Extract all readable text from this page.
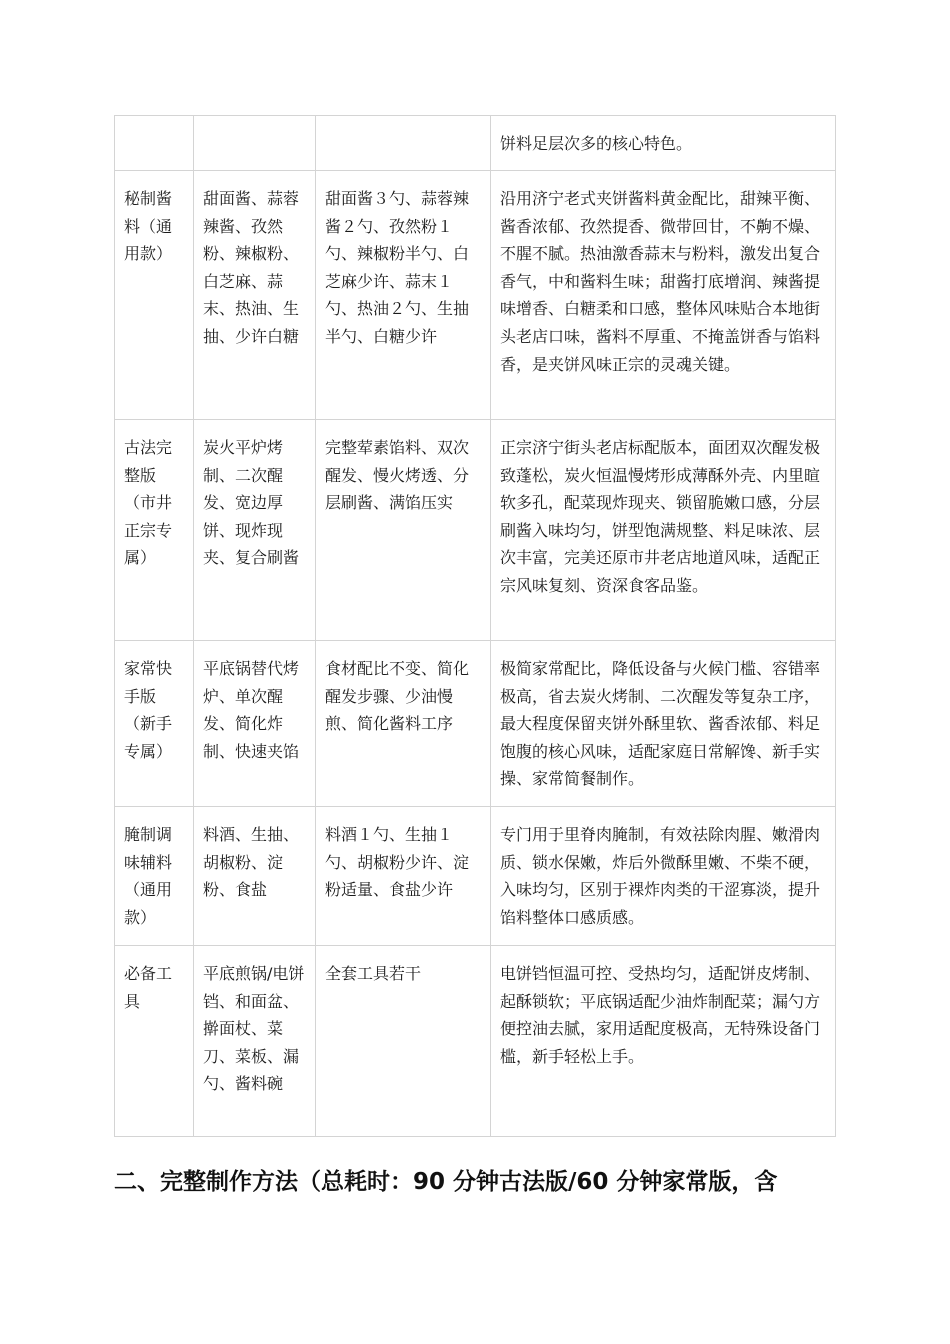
			饼料足层次多的核心特色。
秘制酱料（通用款）	甜面酱、蒜蓉辣酱、孜然粉、辣椒粉、白芝麻、蒜末、热油、生抽、少许白糖	甜面酱３勺、蒜蓉辣酱２勺、孜然粉１勺、辣椒粉半勺、白芝麻少许、蒜末１勺、热油２勺、生抽半勺、白糖少许	沿用济宁老式夹饼酱料黄金配比，甜辣平衡、酱香浓郁、孜然提香、微带回甘，不齁不燥、不腥不腻。热油激香蒜末与粉料，激发出复合香气，中和酱料生味；甜酱打底增润、辣酱提味增香、白糖柔和口感，整体风味贴合本地街头老店口味，酱料不厚重、不掩盖饼香与馅料香，是夹饼风味正宗的灵魂关键。
古法完整版（市井正宗专属）	炭火平炉烤制、二次醒发、宽边厚饼、现炸现夹、复合刷酱	完整荤素馅料、双次醒发、慢火烤透、分层刷酱、满馅压实	正宗济宁街头老店标配版本，面团双次醒发极致蓬松，炭火恒温慢烤形成薄酥外壳、内里暄软多孔，配菜现炸现夹、锁留脆嫩口感，分层刷酱入味均匀，饼型饱满规整、料足味浓、层次丰富，完美还原市井老店地道风味，适配正宗风味复刻、资深食客品鉴。
家常快手版（新手专属）	平底锅替代烤炉、单次醒发、简化炸制、快速夹馅	食材配比不变、简化醒发步骤、少油慢煎、简化酱料工序	极简家常配比，降低设备与火候门槛、容错率极高，省去炭火烤制、二次醒发等复杂工序，最大程度保留夹饼外酥里软、酱香浓郁、料足饱腹的核心风味，适配家庭日常解馋、新手实操、家常简餐制作。
腌制调味辅料（通用款）	料酒、生抽、胡椒粉、淀粉、食盐	料酒１勺、生抽１勺、胡椒粉少许、淀粉适量、食盐少许	专门用于里脊肉腌制，有效祛除肉腥、嫩滑肉质、锁水保嫩，炸后外微酥里嫩、不柴不硬，入味均匀，区别于裸炸肉类的干涩寡淡，提升馅料整体口感质感。
必备工具	平底煎锅/电饼铛、和面盆、擀面杖、菜刀、菜板、漏勺、酱料碗	全套工具若干	电饼铛恒温可控、受热均匀，适配饼皮烤制、起酥锁软；平底锅适配少油炸制配菜；漏勺方便控油去腻，家用适配度极高，无特殊设备门槛，新手轻松上手。
二、完整制作方法（总耗时：90 分钟古法版/60 分钟家常版，含
